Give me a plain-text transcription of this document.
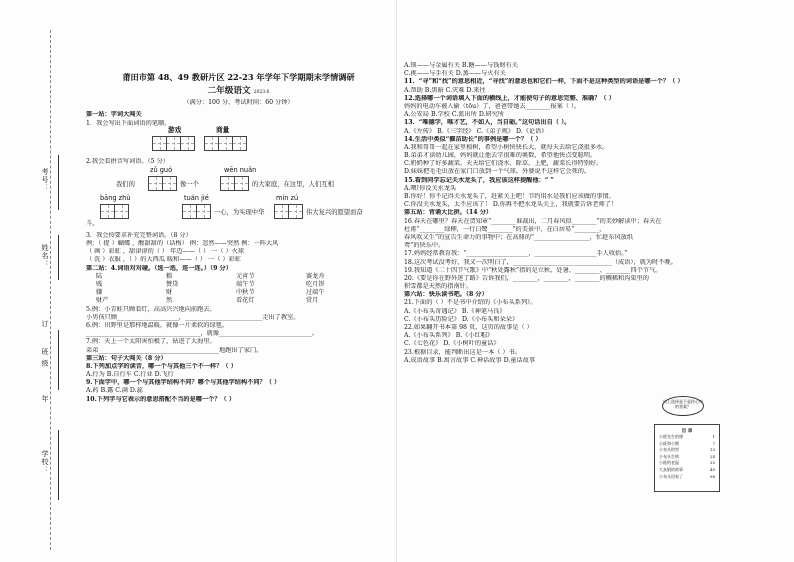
考号：
姓名：
订
班 级
年
学校：

莆田市第 48、49 教研片区 22-23 年学年下学期期末学情调研

二年级语文 2023.6

（满分：100 分，考试时间：60 分钟）

第一站：字词大闯关

1．我会写出下面词语的笔顺。

游戏	商量

2.我会看拼音写词语。（5 分）

zǔ guó	wēn nuǎn
我们的	像一个	的大家庭，在这里，人们互相
bāng zhù	tuán jié	mín zú
一心，为实现中华	伟大复兴的愿望而奋
斗。

3．我会按要求补充完整词语。（8 分）

例：（ 捉 ）蝴蝶 ，酸甜甜的（话梅） 例：忽然——突然 例：一阵大风

（ 画 ）彩虹 ，甜津津的（ ） 年迈——（ ） 一（ ）火球

（ 洗 ）衣服 ，（ ）的大西瓜 暖和——（ ） 一（ ）彩虹

第二站：4.词语对对碰。（选一选，连一连。）（9 分）

陆	粮	元宵节	赛龙舟
贱	赞贷	端午节	吃月饼
嫌	财	中秋节	过端午
财产	然	看花灯	赏月

5.例：小青蛙只顾看灯，高高兴兴地向前跑去。

小男孩只顾____________________，_________________________走出了教室。

6.例：田野里是那样地温暖，就像一片柔软的绿毯。

_____________________________________，就像______________________________。

7.例：天上一个太阳害怕极了，钻进了大海里。

弟弟_______________________________________地跑出了家门。

第三站：句子大闯关（8 分）

8.下列加点字的读音，哪一个与其他三个不一样？（ ）

A.行为 B.自行车 C.行业 D.飞行

9.下面字中，哪一个与其他字结构不同？哪个与其他字结构不同？（ ）

A.药 B.露 C.满 D.蕊

10.下列字与它表示的意思搭配不当的是哪一个？（ ）

A.锁——与金属有关 B.糖——与钱财有关

C.挑——与手有关 D.蒸——与火有关

11．“寻”和“找”的意思相近，“寻找”的意思也和它们一样，下面不是这种类型的词语是哪一个？（ ）

A.帮助 B.黑暗 C.灾难 D.来往

12.选择哪一个词语填入下面的横线上，才能使句子的意思完整、准确？（ ）

妈妈的电动车被人偷（tōu）了，爸爸带她去________报案（ ）。

A.公安局 B.学校 C.派出所 D.研究所

13．“唯德学，唯才艺，不如人，当自砺。”这句话出自（ ）。

A.《左传》 B.《三字经》 C.《弟子规》 D.《论语》

14.生活中类似“揠苗助长”的事例是哪一个？（ ）

A.我和哥哥一起在家里植树，希望小树快快长大，就每天去给它浇很多水。

B.弟弟才读幼儿园，妈妈就让他去学很难的奥数，希望他快点变聪明。

C.奶奶种了好多蔬菜，天天给它们浇水、除草、上肥，蔬菜长得特别好。

D.妹妹把毛毛虫放在家门口放到一个气球，外婆说不这样它会死的。

15.看到同学忘记关水龙头了，我应该这样提醒他：“ ”

A.喂!你没关水龙头

B.你好！你不记得关水龙头了，赶紧关上吧！节约用水是我们应该做的事情。

C.你没关水龙头，太不应该了！ D.你再不把水龙头关上，我就要告诉老师了！

第五站：背诵大比拼。（14 分）

16.春天在哪里？春天在贺知章“________谁裁出，二月春风似________”的美妙解读中；春天在

杜甫“________绿柳，一行白鹭________”的美景中，在白居易“________，

春风吹又生”的宣告生命力的事物中；在高鼎的“__________________，忙趁东风放纸

鸢”的快乐中。

17.妈妈经常教育我：“____________________，____________________手人收拾。”

18.这次考试没考好，我又一次明白了，________________________________（成语），就为时不晚。

19.我知道《二十四节气歌》中“秋处露秋”指的是立秋、处暑、________、________四个节气。

20.《要是你在野外迷了路》告诉我们，________，________，________的稠稀和沟渠里的积雪都是天然的指南针。

第六站：快乐读书吧。（8 分）

21.下面的（ ）不是书中介绍的《小布头系列》。

A.《小布头奇遇记》 B.《神笔马良》

C.《小布头历险记》 D.《小布头和朵朵》

22.如果翻开书本第 98 页，这页的故事是（ ）

A.《小布头系列》 B.《小红帽》

C.《七色花》 D.《小树叶的童话》

23.根据目录，能判断出这是一本（ ）书。

A.成语故事 B.寓言故事 C.神话故事 D.童话故事

以上选择是不是你心中的答案？
目 录
小班先生的课	1
小班和小熊	7
小布头的哭	13
小布头生病	24
小班的老鼠	35
大灰狼的故事	45
小布头回家了	98
